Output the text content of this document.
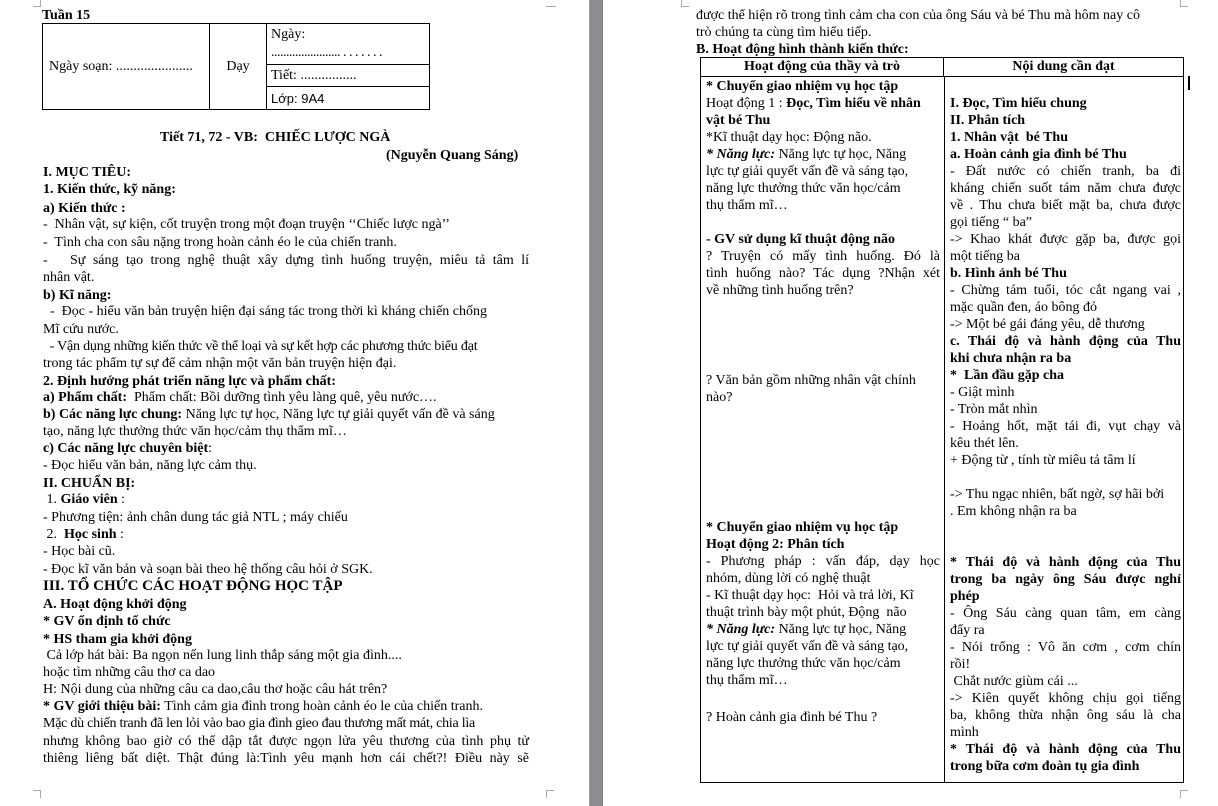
Tuần 15
Ngày soạn: ......................	Dạy
Ngày:
....................... . . . . . . .
Tiết: ................
Lớp: 9A4
Tiết 71, 72 - VB: CHIẾC LƯỢC NGÀ
(Nguyễn Quang Sáng)
I. MỤC TIÊU:
1. Kiến thức, kỹ năng:
a) Kiến thức :
-  Nhân vật, sự kiện, cốt truyện trong một đoạn truyện ‘‘Chiếc lược ngà’’
-  Tình cha con sâu nặng trong hoàn cảnh éo le của chiến tranh.
-   Sự sáng tạo trong nghệ thuật xây dựng tình huống truyện, miêu tả tâm lí
nhân vật.
b) Kĩ năng:
-  Đọc - hiểu văn bản truyện hiện đại sáng tác trong thời kì kháng chiến chống
Mĩ cứu nước.
- Vận dụng những kiến thức về thể loại và sự kết hợp các phương thức biểu đạt
trong tác phẩm tự sự để cảm nhận một văn bản truyện hiện đại.
2. Định hướng phát triển năng lực và phẩm chất:
a) Phẩm chất:  Phẩm chất: Bồi dưỡng tình yêu làng quê, yêu nước….
b) Các năng lực chung: Năng lực tự học, Năng lực tự giải quyết vấn đề và sáng
tạo, năng lực thưởng thức văn học/cảm thụ thẩm mĩ…
c) Các năng lực chuyên biệt:
- Đọc hiểu văn bản, năng lực cảm thụ.
II. CHUẨN BỊ:
1. Giáo viên :
- Phương tiện: ảnh chân dung tác giả NTL ; máy chiếu
2.  Học sinh :
- Học bài cũ.
- Đọc kĩ văn bản và soạn bài theo hệ thống câu hỏi ở SGK.
III. TỔ CHỨC CÁC HOẠT ĐỘNG HỌC TẬP
A. Hoạt động khởi động
* GV ổn định tổ chức
* HS tham gia khởi động
Cả lớp hát bài: Ba ngọn nến lung linh thắp sáng một gia đình....
hoặc tìm những câu thơ ca dao
H: Nội dung của những câu ca dao,câu thơ hoặc câu hát trên?
* GV giới thiệu bài: Tình cảm gia đình trong hoàn cảnh éo le của chiến tranh.
Mặc dù chiến tranh đã len lỏi vào bao gia đình gieo đau thương mất mát, chia lìa
nhưng không bao giờ có thể dập tắt được ngọn lửa yêu thương của tình phụ tử
thiêng liêng bất diệt. Thật đúng là:Tình yêu mạnh hơn cái chết?! Điều này sẽ
được thể hiện rõ trong tình cảm cha con của ông Sáu và bé Thu mà hôm nay cô
trò chúng ta cùng tìm hiểu tiếp.
B. Hoạt động hình thành kiến thức:
Hoạt động của thầy và trò	Nội dung cần đạt
* Chuyển giao nhiệm vụ học tập
Hoạt động 1 : Đọc, Tìm hiểu về nhân
vật bé Thu
*Kĩ thuật dạy học: Động não.
* Năng lực: Năng lực tự học, Năng
lực tự giải quyết vấn đề và sáng tạo,
năng lực thưởng thức văn học/cảm
thụ thẩm mĩ…

- GV sử dụng kĩ thuật động não
? Truyện có mấy tình huống. Đó là
tình huống nào? Tác dụng ?Nhận xét
về những tình huống trên?
? Văn bản gồm những nhân vật chính
nào?
* Chuyển giao nhiệm vụ học tập
Hoạt động 2: Phân tích
- Phương pháp : vấn đáp, dạy học
nhóm, dùng lời có nghệ thuật
- Kĩ thuật dạy học:  Hỏi và trả lời, Kĩ
thuật trình bày một phút, Động  não
* Năng lực: Năng lực tự học, Năng
lực tự giải quyết vấn đề và sáng tạo,
năng lực thưởng thức văn học/cảm
thụ thẩm mĩ…
? Hoàn cảnh gia đình bé Thu ?
I. Đọc, Tìm hiểu chung
II. Phân tích
1. Nhân vật  bé Thu
a. Hoàn cảnh gia đình bé Thu
- Đất nước có chiến tranh, ba đi
kháng chiến suốt tám năm chưa được
về . Thu chưa biết mặt ba, chưa được
gọi tiếng “ ba”
-> Khao khát được gặp ba, được gọi
một tiếng ba
b. Hình ảnh bé Thu
- Chừng tám tuổi, tóc cắt ngang vai ,
mặc quần đen, áo bông đỏ
-> Một bé gái đáng yêu, dễ thương
c. Thái độ và hành động của Thu
khi chưa nhận ra ba
*  Lần đầu gặp cha
- Giật mình
- Tròn mắt nhìn
- Hoảng hốt, mặt tái đi, vụt chạy và
kêu thét lên.
+ Động từ , tính từ miêu tả tâm lí

-> Thu ngạc nhiên, bất ngờ, sợ hãi bởi
. Em không nhận ra ba

* Thái độ và hành động của Thu
trong ba ngày ông Sáu được nghỉ
phép
- Ông Sáu càng quan tâm, em càng
đẩy ra
- Nói trổng : Vô ăn cơm , cơm chín
rồi!
Chắt nước giùm cái ...
-> Kiên quyết không chịu gọi tiếng
ba, không thừa nhận ông sáu là cha
mình
* Thái độ và hành động của Thu
trong bữa cơm đoàn tụ gia đình
